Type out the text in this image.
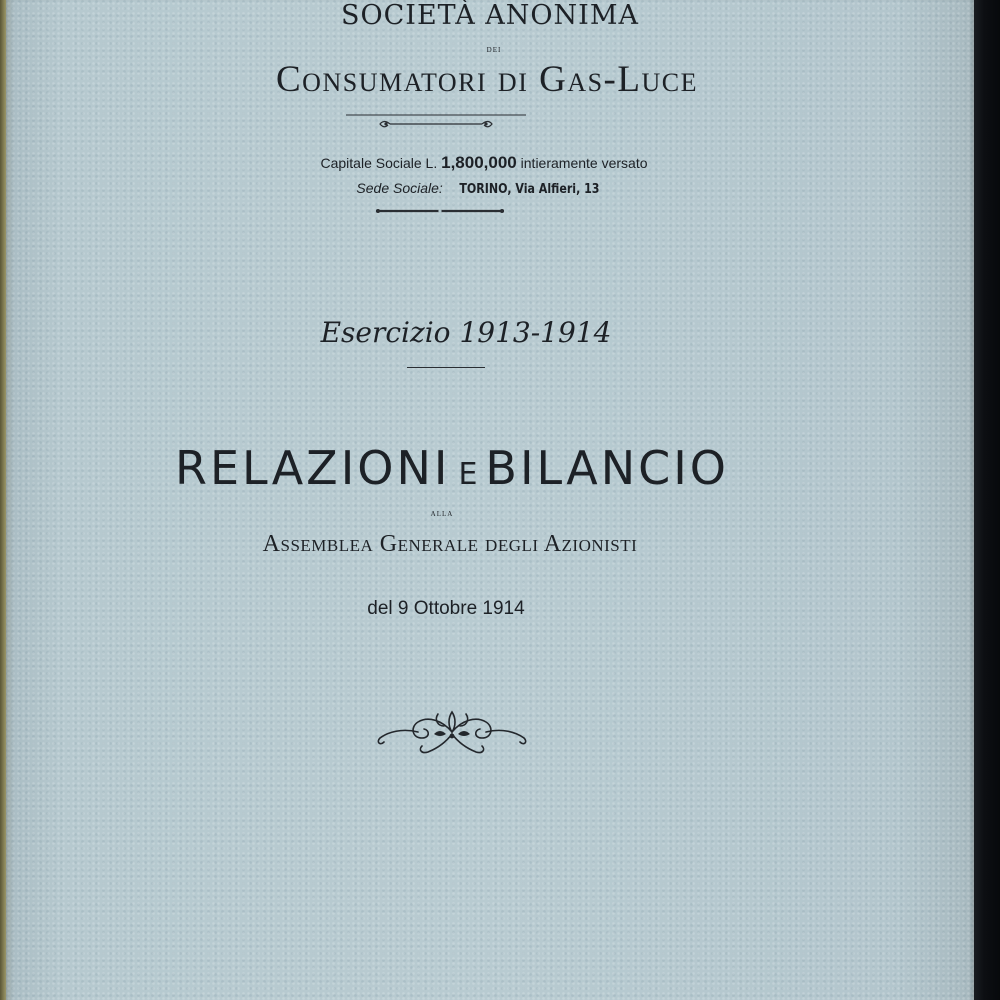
SOCIETÀ ANONIMA
DEI
Consumatori di Gas-Luce
Capitale Sociale L. 1,800,000 intieramente versato
Sede Sociale: TORINO, Via Alfieri, 13
Esercizio 1913-1914
RELAZIONI E BILANCIO
ALLA
Assemblea Generale degli Azionisti
del 9 Ottobre 1914
